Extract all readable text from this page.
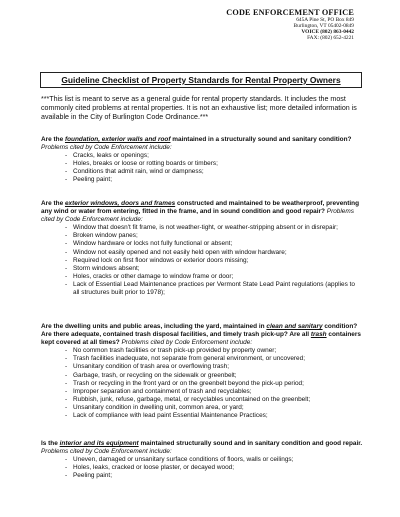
CODE ENFORCEMENT OFFICE
645A Pine St, PO Box 849
Burlington, VT 05402-0849
VOICE (802) 863-0442
FAX: (802) 652-4221
Guideline Checklist of Property Standards for Rental Property Owners
***This list is meant to serve as a general guide for rental property standards. It includes the most commonly cited problems at rental properties. It is not an exhaustive list; more detailed information is available in the City of Burlington Code Ordinance.***
Are the foundation, exterior walls and roof maintained in a structurally sound and sanitary condition?
Problems cited by Code Enforcement include:
- Cracks, leaks or openings;
- Holes, breaks or loose or rotting boards or timbers;
- Conditions that admit rain, wind or dampness;
- Peeling paint;
Are the exterior windows, doors and frames constructed and maintained to be weatherproof, preventing any wind or water from entering, fitted in the frame, and in sound condition and good repair? Problems cited by Code Enforcement include:
- Window that doesn't fit frame, is not weather-tight, or weather-stripping absent or in disrepair;
- Broken window panes;
- Window hardware or locks not fully functional or absent;
- Window not easily opened and not easily held open with window hardware;
- Required lock on first floor windows or exterior doors missing;
- Storm windows absent;
- Holes, cracks or other damage to window frame or door;
- Lack of Essential Lead Maintenance practices per Vermont State Lead Paint regulations (applies to all structures built prior to 1978);
Are the dwelling units and public areas, including the yard, maintained in clean and sanitary condition? Are there adequate, contained trash disposal facilities, and timely trash pick-up? Are all trash containers kept covered at all times? Problems cited by Code Enforcement include:
- No common trash facilities or trash pick-up provided by property owner;
- Trash facilities inadequate, not separate from general environment, or uncovered;
- Unsanitary condition of trash area or overflowing trash;
- Garbage, trash, or recycling on the sidewalk or greenbelt;
- Trash or recycling in the front yard or on the greenbelt beyond the pick-up period;
- Improper separation and containment of trash and recyclables;
- Rubbish, junk, refuse, garbage, metal, or recyclables uncontained on the greenbelt;
- Unsanitary condition in dwelling unit, common area, or yard;
- Lack of compliance with lead paint Essential Maintenance Practices;
Is the interior and its equipment maintained structurally sound and in sanitary condition and good repair. Problems cited by Code Enforcement include:
- Uneven, damaged or unsanitary surface conditions of floors, walls or ceilings;
- Holes, leaks, cracked or loose plaster, or decayed wood;
- Peeling paint;
